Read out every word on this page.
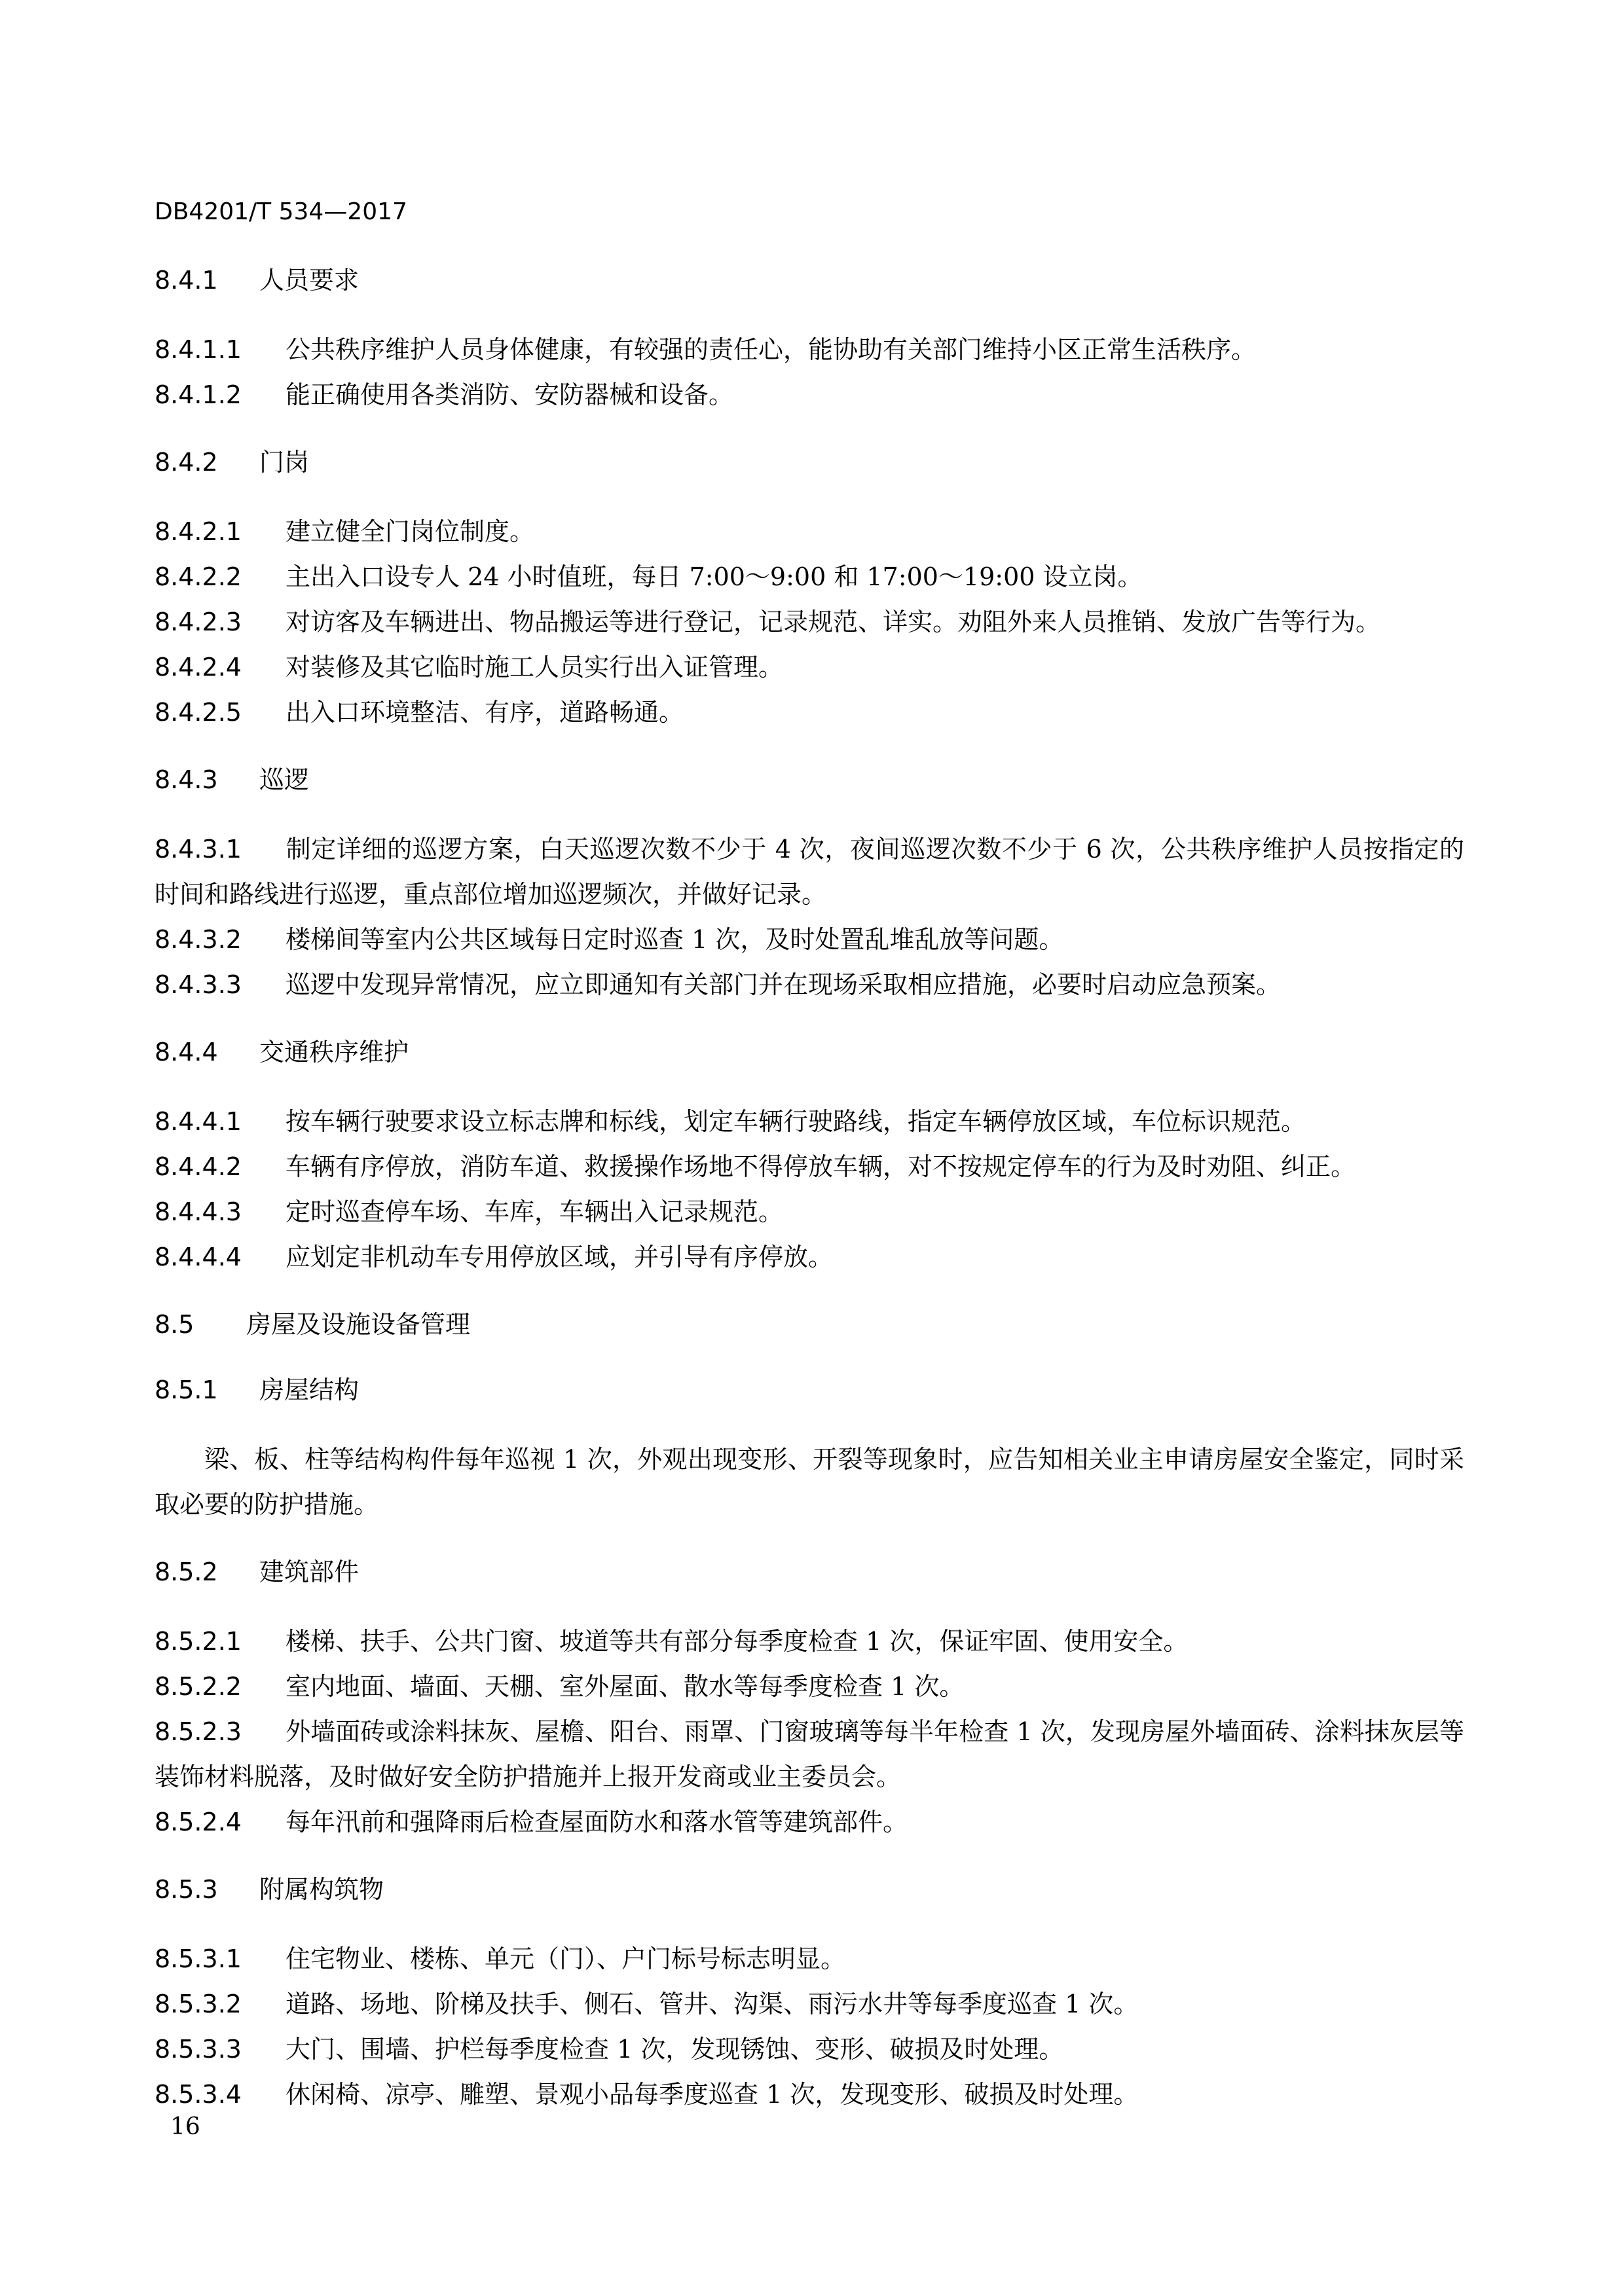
DB4201/T 534—2017
8.4.1 人员要求

8.4.1.1 公共秩序维护人员身体健康，有较强的责任心，能协助有关部门维持小区正常生活秩序。

8.4.1.2 能正确使用各类消防、安防器械和设备。

8.4.2 门岗

8.4.2.1 建立健全门岗位制度。

8.4.2.2 主出入口设专人 24 小时值班，每日 7:00～9:00 和 17:00～19:00 设立岗。

8.4.2.3 对访客及车辆进出、物品搬运等进行登记，记录规范、详实。劝阻外来人员推销、发放广告等行为。

8.4.2.4 对装修及其它临时施工人员实行出入证管理。

8.4.2.5 出入口环境整洁、有序，道路畅通。

8.4.3 巡逻

8.4.3.1 制定详细的巡逻方案，白天巡逻次数不少于 4 次，夜间巡逻次数不少于 6 次，公共秩序维护人员按指定的时间和路线进行巡逻，重点部位增加巡逻频次，并做好记录。

8.4.3.2 楼梯间等室内公共区域每日定时巡查 1 次，及时处置乱堆乱放等问题。

8.4.3.3 巡逻中发现异常情况，应立即通知有关部门并在现场采取相应措施，必要时启动应急预案。

8.4.4 交通秩序维护

8.4.4.1 按车辆行驶要求设立标志牌和标线，划定车辆行驶路线，指定车辆停放区域，车位标识规范。

8.4.4.2 车辆有序停放，消防车道、救援操作场地不得停放车辆，对不按规定停车的行为及时劝阻、纠正。

8.4.4.3 定时巡查停车场、车库，车辆出入记录规范。

8.4.4.4 应划定非机动车专用停放区域，并引导有序停放。

8.5 房屋及设施设备管理
8.5.1 房屋结构

梁、板、柱等结构构件每年巡视 1 次，外观出现变形、开裂等现象时，应告知相关业主申请房屋安全鉴定，同时采取必要的防护措施。

8.5.2 建筑部件

8.5.2.1 楼梯、扶手、公共门窗、坡道等共有部分每季度检查 1 次，保证牢固、使用安全。

8.5.2.2 室内地面、墙面、天棚、室外屋面、散水等每季度检查 1 次。

8.5.2.3 外墙面砖或涂料抹灰、屋檐、阳台、雨罩、门窗玻璃等每半年检查 1 次，发现房屋外墙面砖、涂料抹灰层等装饰材料脱落，及时做好安全防护措施并上报开发商或业主委员会。

8.5.2.4 每年汛前和强降雨后检查屋面防水和落水管等建筑部件。

8.5.3 附属构筑物

8.5.3.1 住宅物业、楼栋、单元（门）、户门标号标志明显。

8.5.3.2 道路、场地、阶梯及扶手、侧石、管井、沟渠、雨污水井等每季度巡查 1 次。

8.5.3.3 大门、围墙、护栏每季度检查 1 次，发现锈蚀、变形、破损及时处理。

8.5.3.4 休闲椅、凉亭、雕塑、景观小品每季度巡查 1 次，发现变形、破损及时处理。

16
